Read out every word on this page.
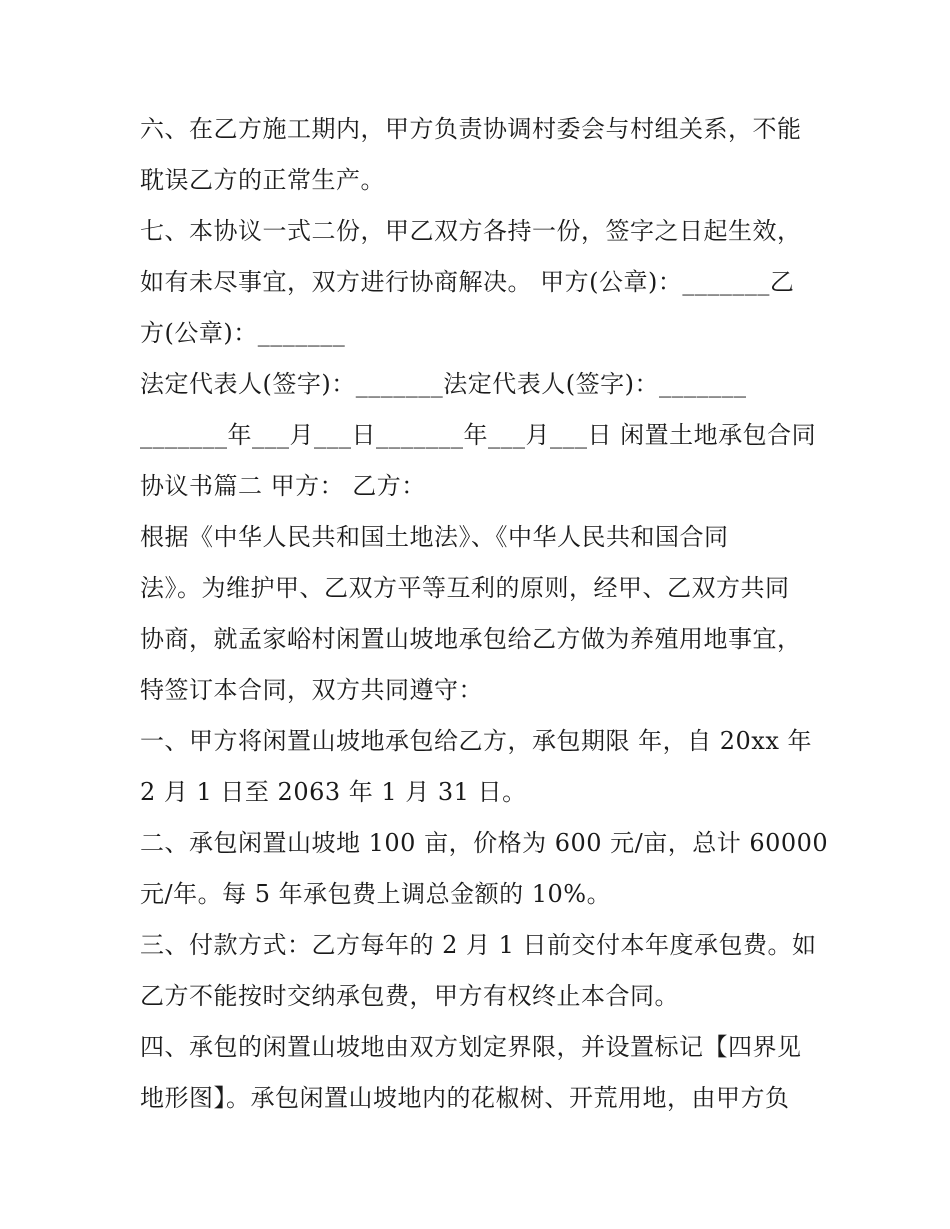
六、在乙方施工期内，甲方负责协调村委会与村组关系，不能
耽误乙方的正常生产。
七、本协议一式二份，甲乙双方各持一份，签字之日起生效，
如有未尽事宜，双方进行协商解决。 甲方(公章)：_______乙
方(公章)：_______
法定代表人(签字)：_______法定代表人(签字)：_______
_______年___月___日_______年___月___日 闲置土地承包合同
协议书篇二 甲方： 乙方：
根据《中华人民共和国土地法》、《中华人民共和国合同
法》。为维护甲、乙双方平等互利的原则，经甲、乙双方共同
协商，就孟家峪村闲置山坡地承包给乙方做为养殖用地事宜，
特签订本合同，双方共同遵守：
一、甲方将闲置山坡地承包给乙方，承包期限 年，自 20xx 年
2 月 1 日至 2063 年 1 月 31 日。
二、承包闲置山坡地 100 亩，价格为 600 元/亩，总计 60000
元/年。每 5 年承包费上调总金额的 10%。
三、付款方式：乙方每年的 2 月 1 日前交付本年度承包费。如
乙方不能按时交纳承包费，甲方有权终止本合同。
四、承包的闲置山坡地由双方划定界限，并设置标记【四界见
地形图】。承包闲置山坡地内的花椒树、开荒用地，由甲方负
